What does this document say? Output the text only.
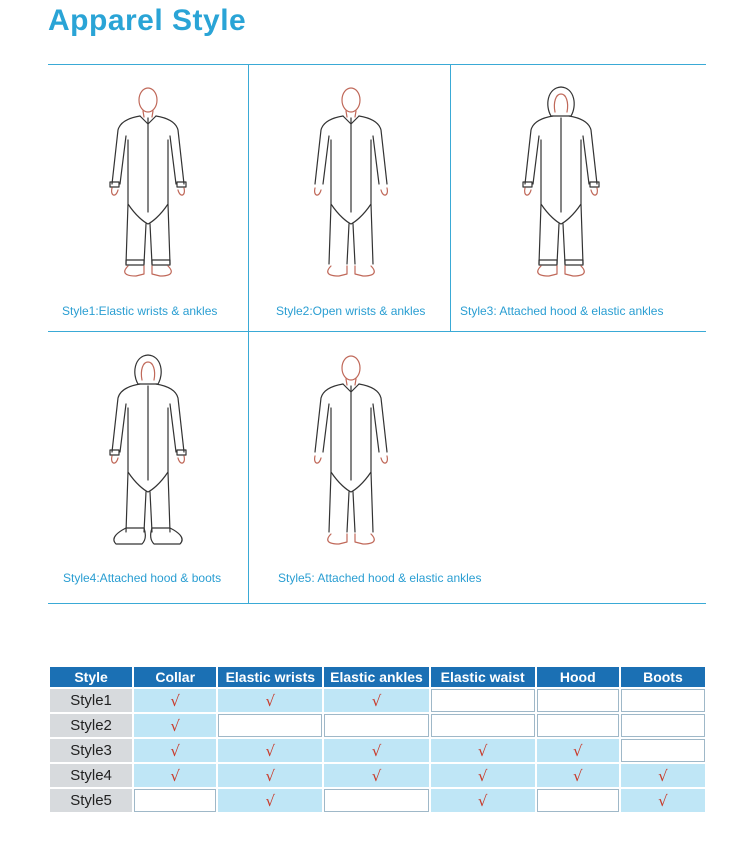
Apparel Style
Style1:Elastic wrists & ankles	Style2:Open wrists & ankles	Style3: Attached hood & elastic ankles
Style4:Attached hood & boots	Style5: Attached hood & elastic ankles
Style	Collar	Elastic wrists	Elastic ankles	Elastic waist	Hood	Boots
Style1	√	√	√			
Style2	√					
Style3	√	√	√	√	√	
Style4	√	√	√	√	√	√
Style5		√		√		√
